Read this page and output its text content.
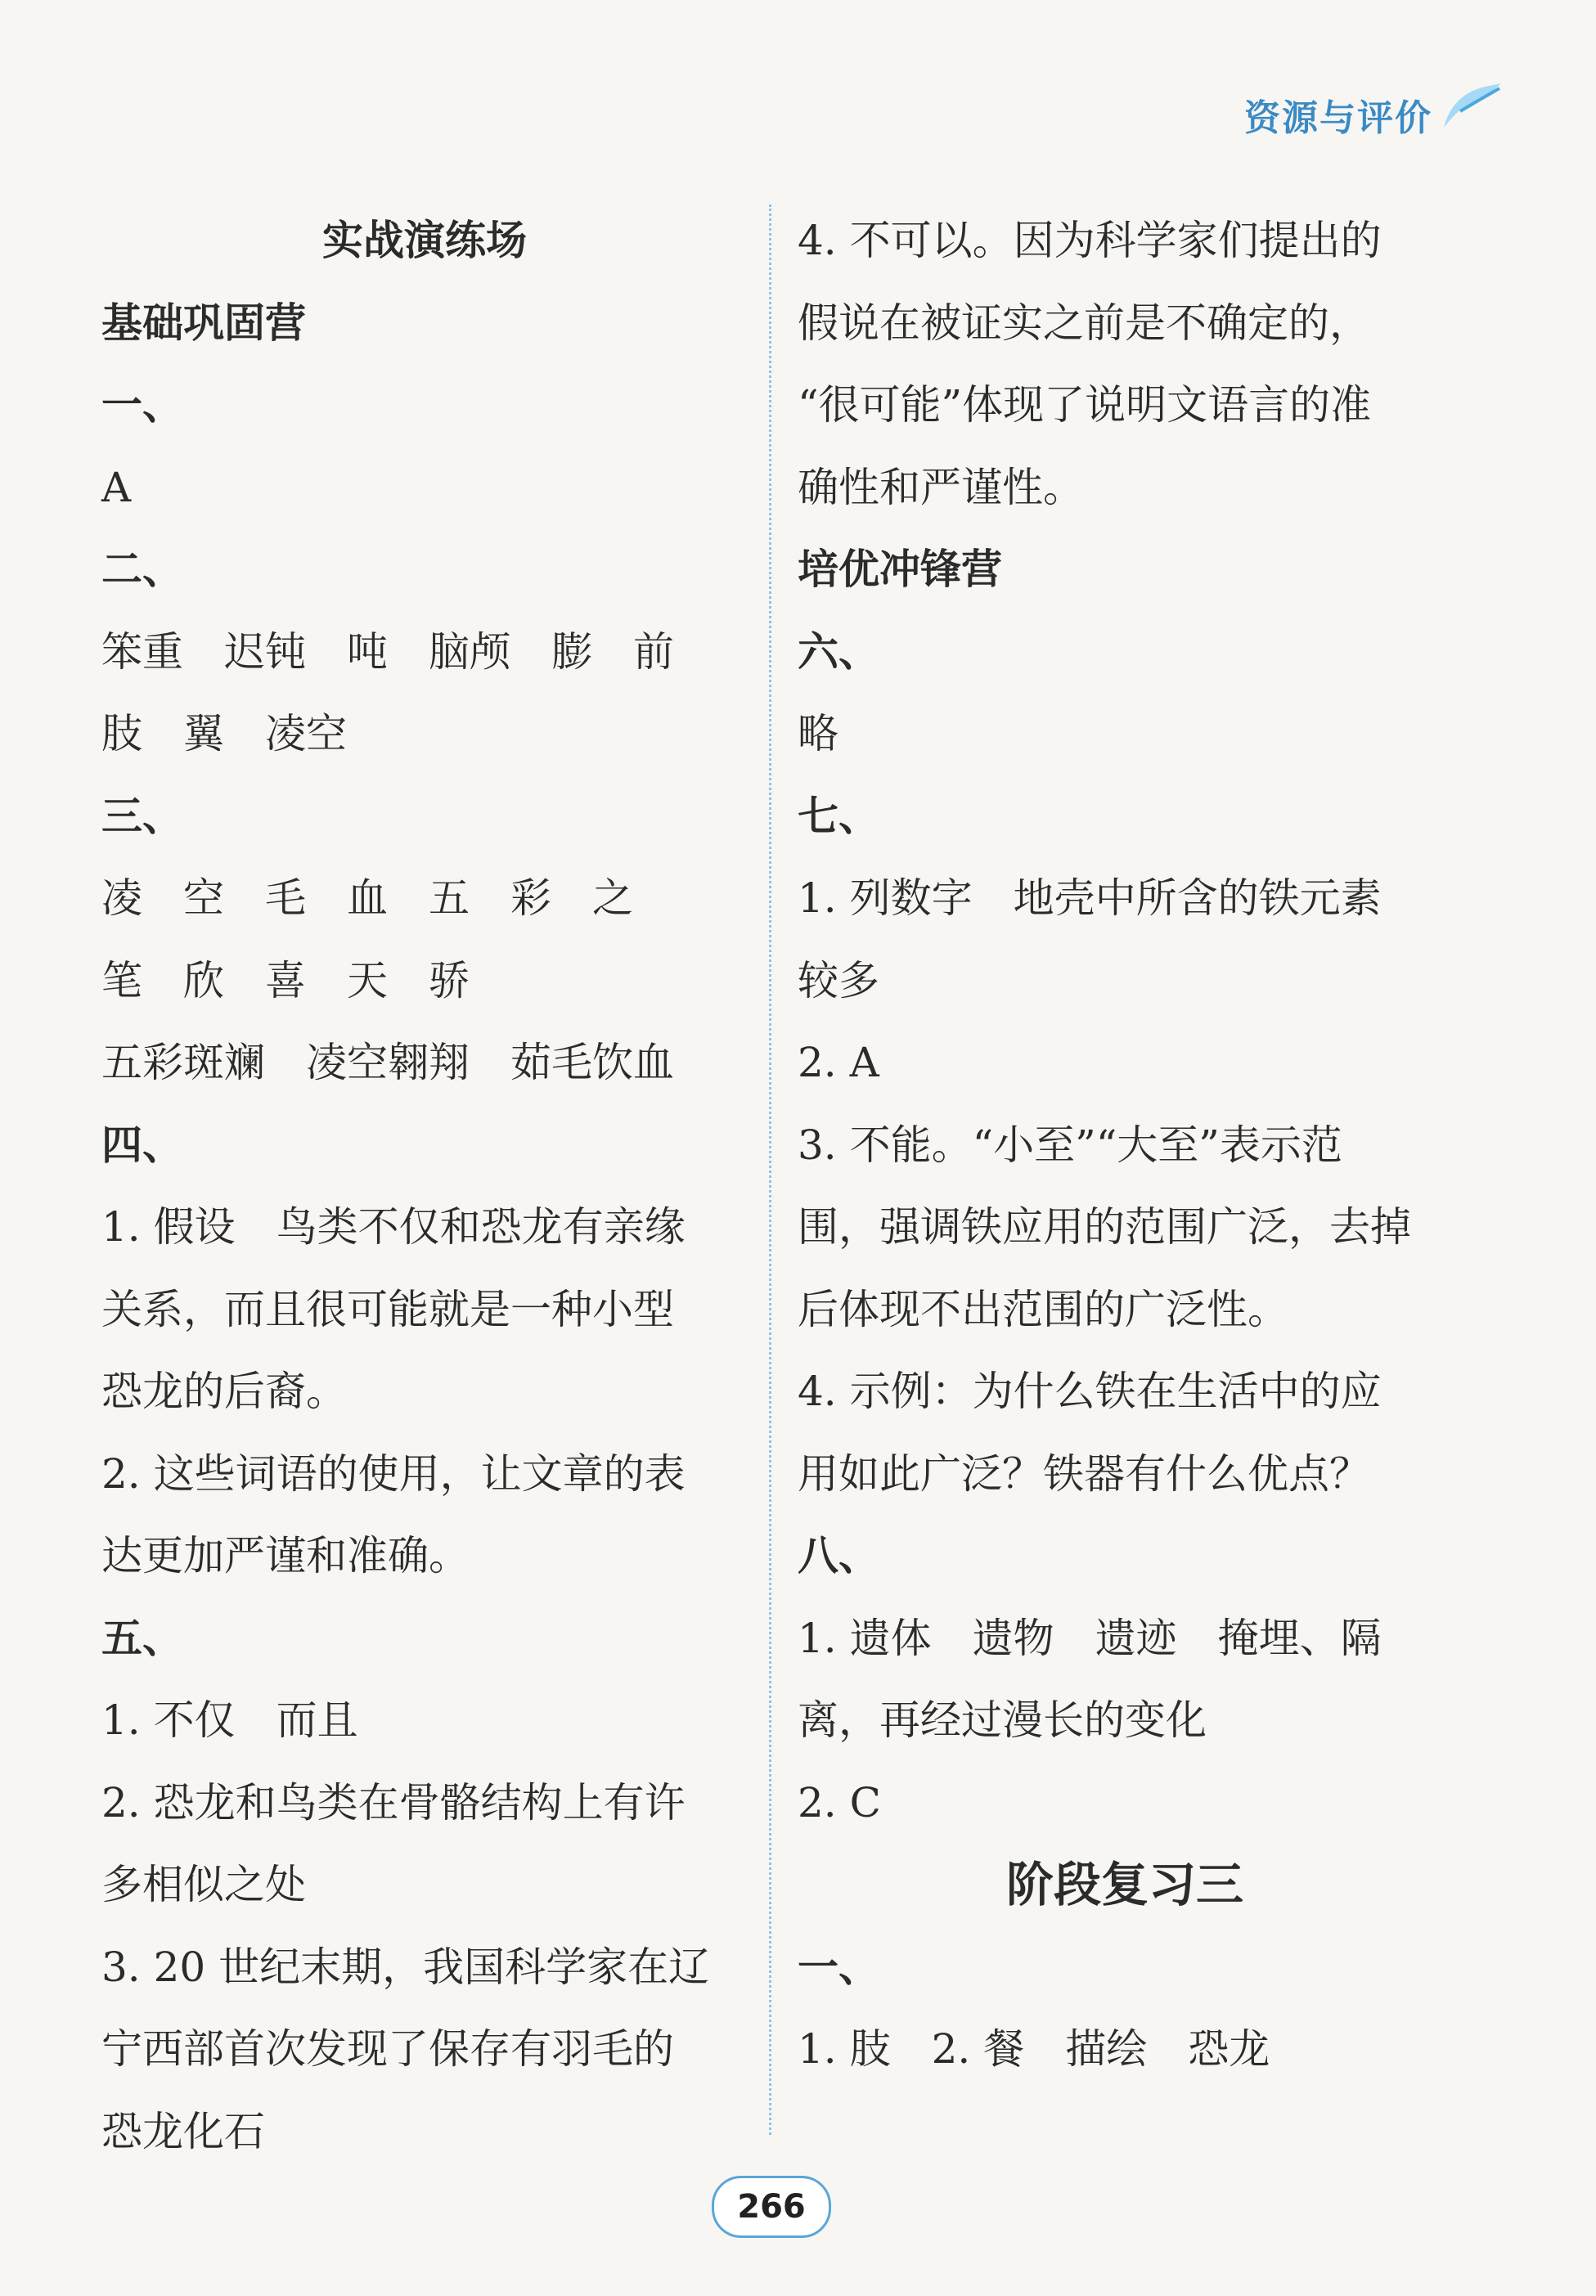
资源与评价
实战演练场
基础巩固营
一、
A
二、
笨重　迟钝　吨　脑颅　膨　前
肢　翼　凌空
三、
凌　空　毛　血　五　彩　之
笔　欣　喜　天　骄
五彩斑斓　凌空翱翔　茹毛饮血
四、
1. 假设　鸟类不仅和恐龙有亲缘
关系，而且很可能就是一种小型
恐龙的后裔。
2. 这些词语的使用，让文章的表
达更加严谨和准确。
五、
1. 不仅　而且
2. 恐龙和鸟类在骨骼结构上有许
多相似之处
3. 20 世纪末期，我国科学家在辽
宁西部首次发现了保存有羽毛的
恐龙化石
4. 不可以。因为科学家们提出的
假说在被证实之前是不确定的，
“很可能”体现了说明文语言的准
确性和严谨性。
培优冲锋营
六、
略
七、
1. 列数字　地壳中所含的铁元素
较多
2. A
3. 不能。“小至”“大至”表示范
围，强调铁应用的范围广泛，去掉
后体现不出范围的广泛性。
4. 示例：为什么铁在生活中的应
用如此广泛？铁器有什么优点？
八、
1. 遗体　遗物　遗迹　掩埋、隔
离，再经过漫长的变化
2. C
阶段复习三
一、
1. 肢　2. 餐　描绘　恐龙
266
